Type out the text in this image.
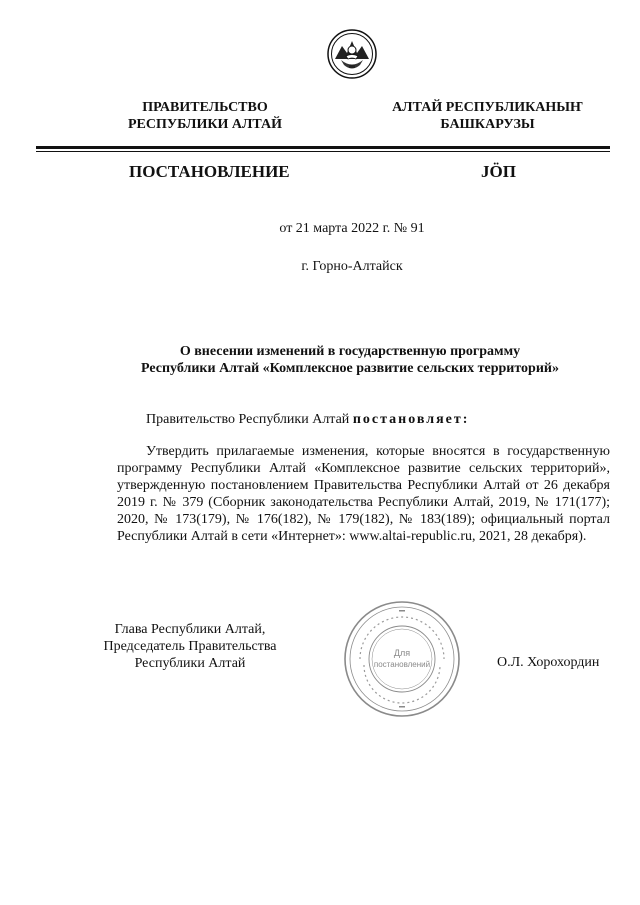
ПРАВИТЕЛЬСТВО
РЕСПУБЛИКИ АЛТАЙ
АЛТАЙ РЕСПУБЛИКАНЫҤ
БАШКАРУЗЫ
ПОСТАНОВЛЕНИЕ	JӦП
от 21 марта 2022 г. № 91
г. Горно-Алтайск
О внесении изменений в государственную программу
Республики Алтай «Комплексное развитие сельских территорий»
Правительство Республики Алтай постановляет:
Утвердить прилагаемые изменения, которые вносятся в государственную программу Республики Алтай «Комплексное развитие сельских территорий», утвержденную постановлением Правительства Республики Алтай от 26 декабря 2019 г. № 379 (Сборник законодательства Республики Алтай, 2019, № 171(177); 2020, № 173(179), № 176(182), № 179(182), № 183(189); официальный портал Республики Алтай в сети «Интернет»: www.altai-republic.ru, 2021, 28 декабря).
Глава Республики Алтай,
Председатель Правительства
Республики Алтай
Для
постановлений	О.Л. Хорохордин
